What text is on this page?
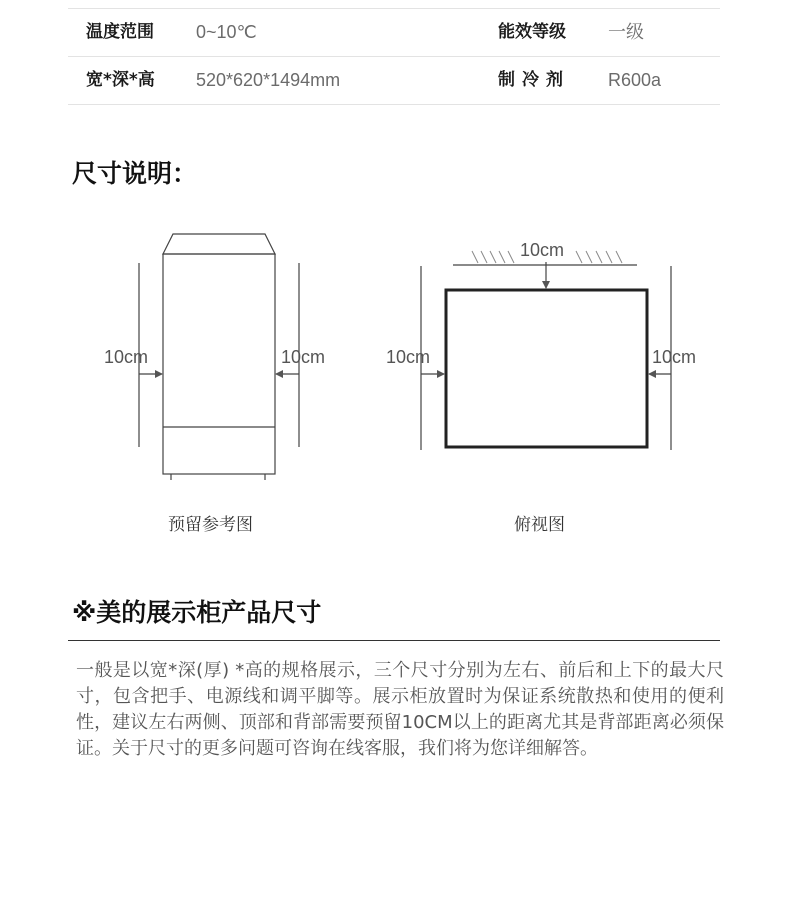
温度范围 0~10℃	能效等级 一级
宽*深*高 520*620*1494mm	制冷剂 R600a
尺寸说明：
10cm	10cm
10cm
10cm	10cm
预留参考图	俯视图
※美的展示柜产品尺寸
一般是以宽*深(厚) *高的规格展示，三个尺寸分别为左右、前后和上下的最大尺寸，包含把手、电源线和调平脚等。展示柜放置时为保证系统散热和使用的便利性，建议左右两侧、顶部和背部需要预留10CM以上的距离尤其是背部距离必须保证。关于尺寸的更多问题可咨询在线客服，我们将为您详细解答。
